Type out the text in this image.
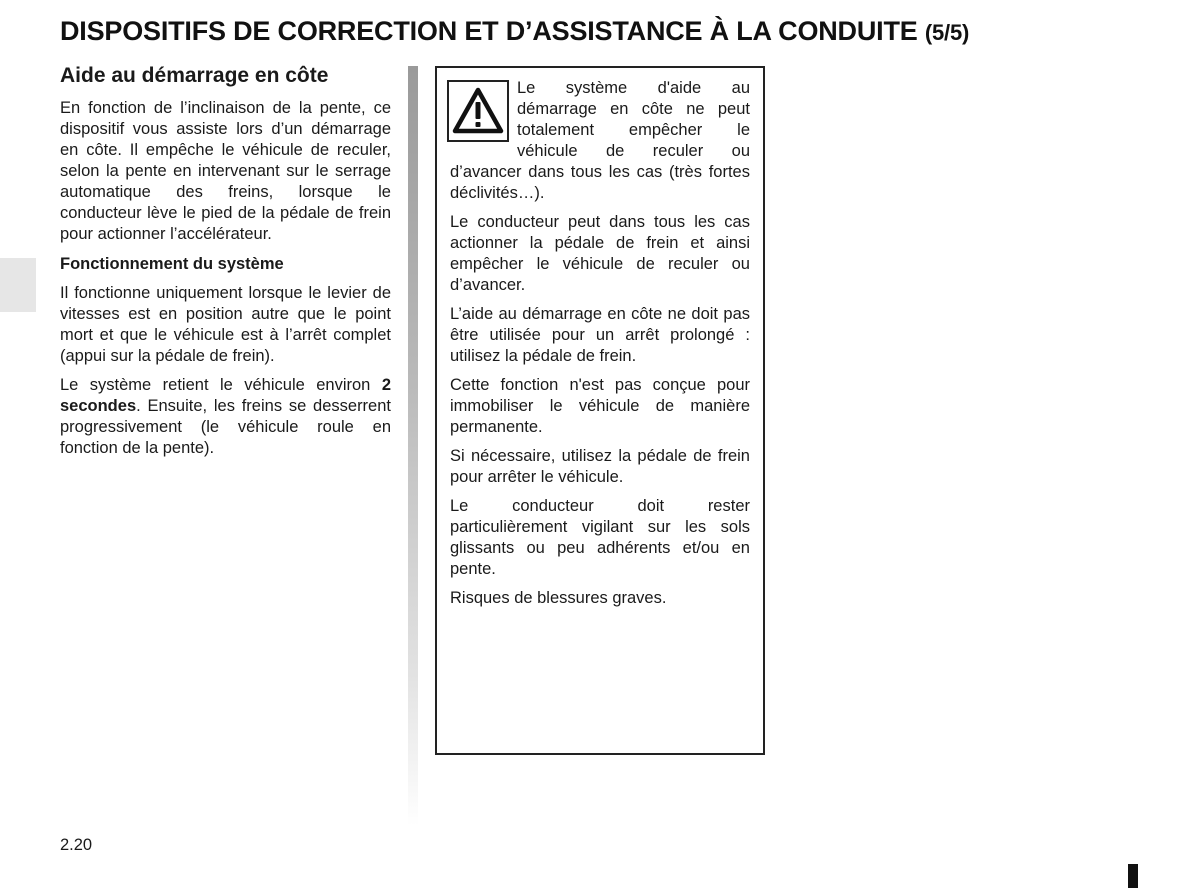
DISPOSITIFS DE CORRECTION ET D’ASSISTANCE À LA CONDUITE (5/5)
Aide au démarrage en côte

En fonction de l’inclinaison de la pente, ce dispositif vous assiste lors d’un démarrage en côte. Il empêche le véhicule de reculer, selon la pente en intervenant sur le serrage automatique des freins, lorsque le conducteur lève le pied de la pédale de frein pour actionner l’accélérateur.

Fonctionnement du système

Il fonctionne uniquement lorsque le levier de vitesses est en position autre que le point mort et que le véhicule est à l’arrêt complet (appui sur la pédale de frein).

Le système retient le véhicule environ 2 secondes. Ensuite, les freins se desserrent progressivement (le véhicule roule en fonction de la pente).

Le système d'aide au démarrage en côte ne peut totalement empêcher le véhicule de reculer ou d’avancer dans tous les cas (très fortes déclivités…).

Le conducteur peut dans tous les cas actionner la pédale de frein et ainsi empêcher le véhicule de reculer ou d’avancer.

L’aide au démarrage en côte ne doit pas être utilisée pour un arrêt prolongé : utilisez la pédale de frein.

Cette fonction n'est pas conçue pour immobiliser le véhicule de manière permanente.

Si nécessaire, utilisez la pédale de frein pour arrêter le véhicule.

Le conducteur doit rester particulièrement vigilant sur les sols glissants ou peu adhérents et/ou en pente.

Risques de blessures graves.

2.20
